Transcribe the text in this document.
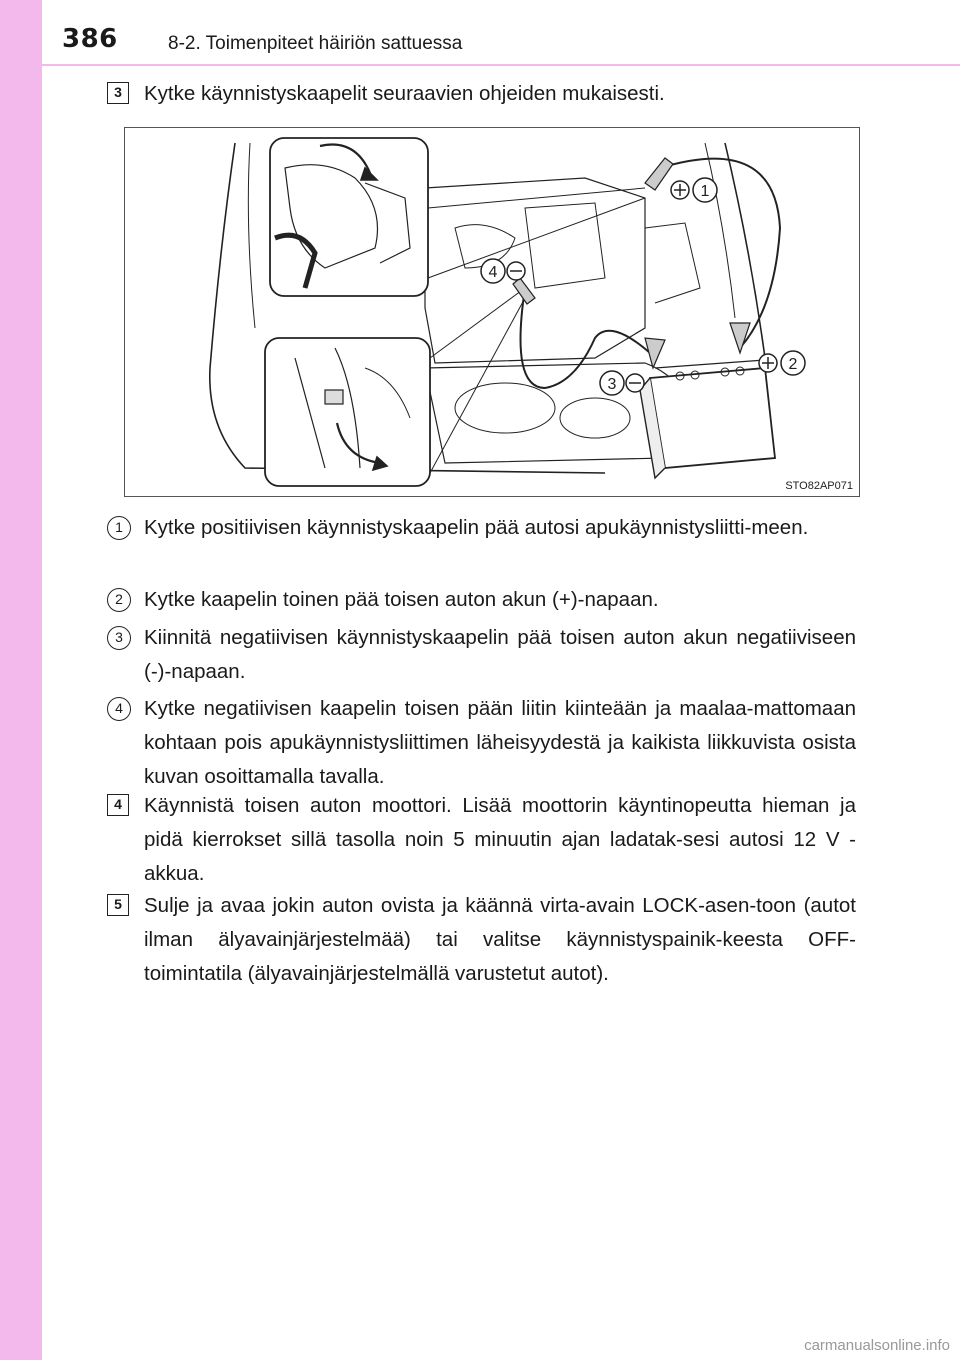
386	8-2. Toimenpiteet häiriön sattuessa
3	Kytke käynnistyskaapelit seuraavien ohjeiden mukaisesti.
1
2
3
4
STO82AP071
1	Kytke positiivisen käynnistyskaapelin pää autosi apukäynnistysliitti-meen.
2	Kytke kaapelin toinen pää toisen auton akun (+)-napaan.
3	Kiinnitä negatiivisen käynnistyskaapelin pää toisen auton akun negatiiviseen (-)-napaan.
4	Kytke negatiivisen kaapelin toisen pään liitin kiinteään ja maalaa-mattomaan kohtaan pois apukäynnistysliittimen läheisyydestä ja kaikista liikkuvista osista kuvan osoittamalla tavalla.
4	Käynnistä toisen auton moottori. Lisää moottorin käyntinopeutta hieman ja pidä kierrokset sillä tasolla noin 5 minuutin ajan ladatak-sesi autosi 12 V -akkua.
5	Sulje ja avaa jokin auton ovista ja käännä virta-avain LOCK-asen-toon (autot ilman älyavainjärjestelmää) tai valitse käynnistyspainik-keesta OFF-toimintatila (älyavainjärjestelmällä varustetut autot).
carmanualsonline.info
